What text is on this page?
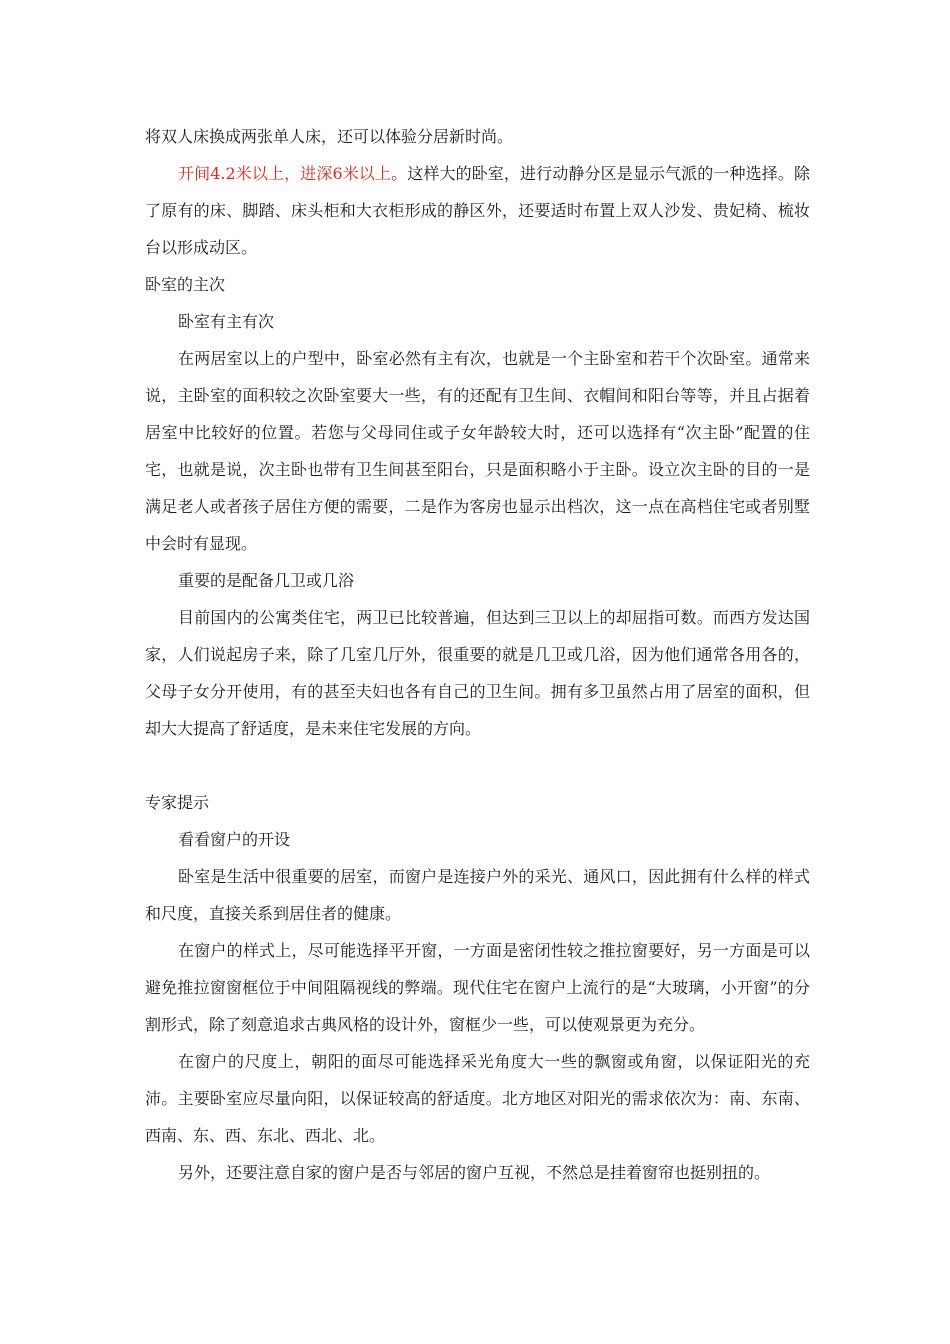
将双人床换成两张单人床，还可以体验分居新时尚。

开间4.2米以上，进深6米以上。这样大的卧室，进行动静分区是显示气派的一种选择。除了原有的床、脚踏、床头柜和大衣柜形成的静区外，还要适时布置上双人沙发、贵妃椅、梳妆台以形成动区。

卧室的主次

卧室有主有次

在两居室以上的户型中，卧室必然有主有次，也就是一个主卧室和若干个次卧室。通常来说，主卧室的面积较之次卧室要大一些，有的还配有卫生间、衣帽间和阳台等等，并且占据着居室中比较好的位置。若您与父母同住或子女年龄较大时，还可以选择有“次主卧”配置的住宅，也就是说，次主卧也带有卫生间甚至阳台，只是面积略小于主卧。设立次主卧的目的一是满足老人或者孩子居住方便的需要，二是作为客房也显示出档次，这一点在高档住宅或者别墅中会时有显现。

重要的是配备几卫或几浴

目前国内的公寓类住宅，两卫已比较普遍，但达到三卫以上的却屈指可数。而西方发达国家，人们说起房子来，除了几室几厅外，很重要的就是几卫或几浴，因为他们通常各用各的，父母子女分开使用，有的甚至夫妇也各有自己的卫生间。拥有多卫虽然占用了居室的面积，但却大大提高了舒适度，是未来住宅发展的方向。

专家提示

看看窗户的开设

卧室是生活中很重要的居室，而窗户是连接户外的采光、通风口，因此拥有什么样的样式和尺度，直接关系到居住者的健康。

在窗户的样式上，尽可能选择平开窗，一方面是密闭性较之推拉窗要好，另一方面是可以避免推拉窗窗框位于中间阻隔视线的弊端。现代住宅在窗户上流行的是“大玻璃，小开窗”的分割形式，除了刻意追求古典风格的设计外，窗框少一些，可以使观景更为充分。

在窗户的尺度上，朝阳的面尽可能选择采光角度大一些的飘窗或角窗，以保证阳光的充沛。主要卧室应尽量向阳，以保证较高的舒适度。北方地区对阳光的需求依次为：南、东南、西南、东、西、东北、西北、北。

另外，还要注意自家的窗户是否与邻居的窗户互视，不然总是挂着窗帘也挺别扭的。
